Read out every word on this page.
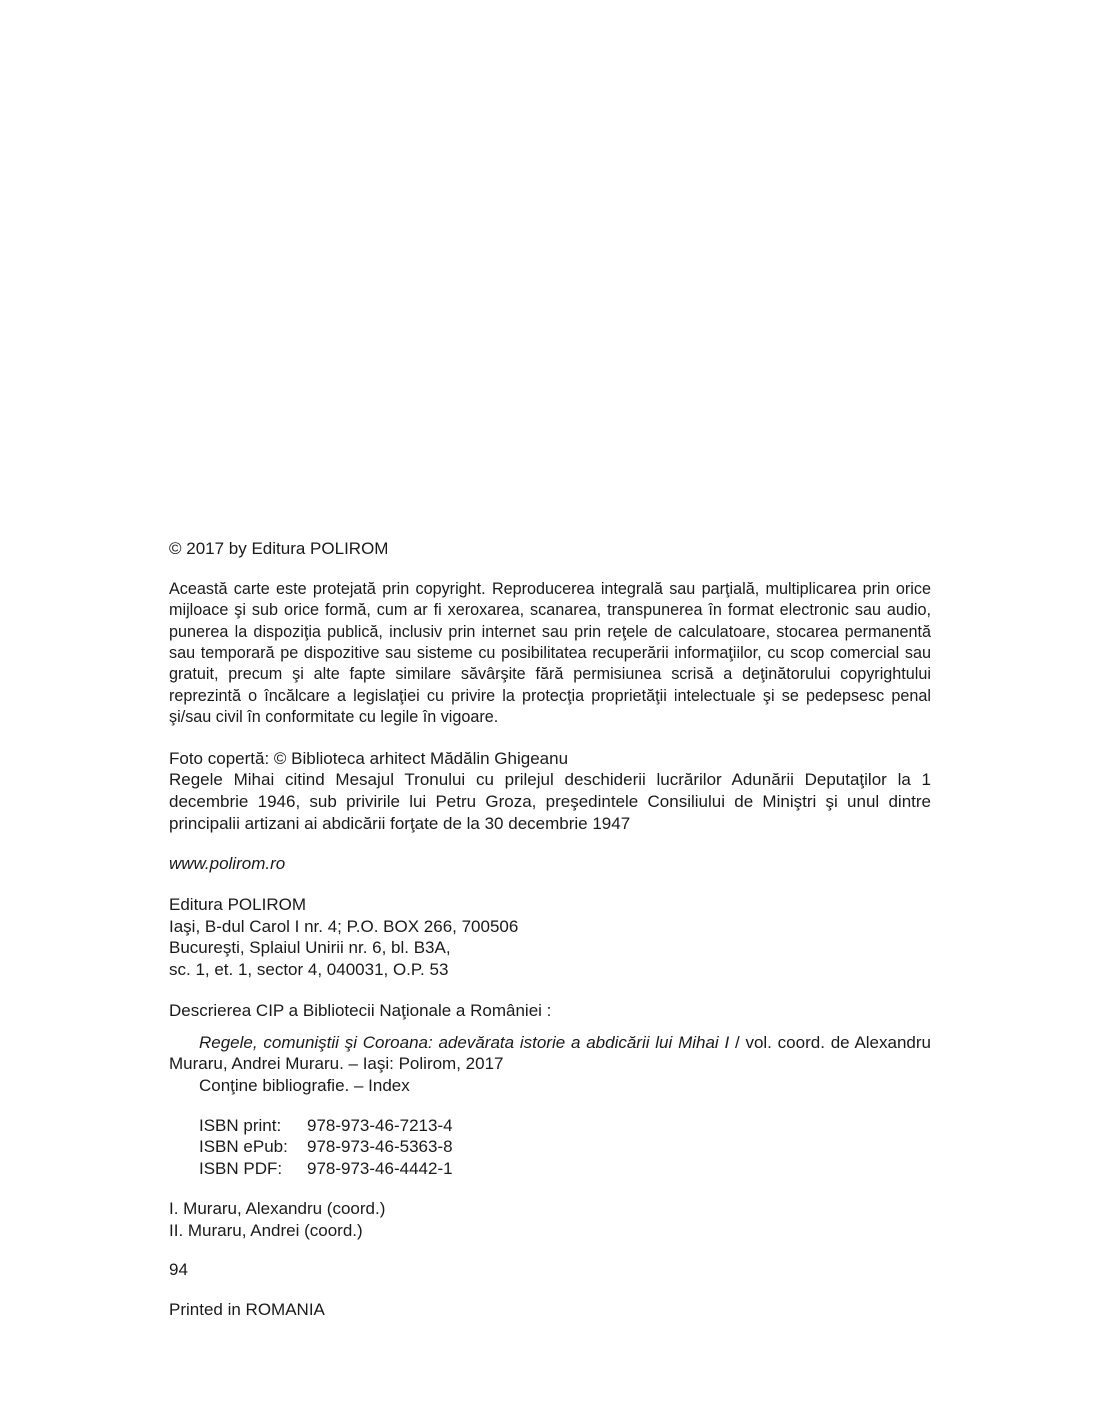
© 2017 by Editura POLIROM

Această carte este protejată prin copyright. Reproducerea integrală sau parţială, multiplicarea prin orice mijloace şi sub orice formă, cum ar fi xeroxarea, scanarea, transpunerea în format electronic sau audio, punerea la dispoziţia publică, inclusiv prin internet sau prin reţele de calculatoare, stocarea permanentă sau temporară pe dispozitive sau sisteme cu posibilitatea recuperării informaţiilor, cu scop comercial sau gratuit, precum şi alte fapte similare săvârşite fără permisiunea scrisă a deţinătorului copyrightului reprezintă o încălcare a legislaţiei cu privire la protecţia proprietăţii intelectuale şi se pedepsesc penal şi/sau civil în conformitate cu legile în vigoare.

Foto copertă: © Biblioteca arhitect Mădălin Ghigeanu

Regele Mihai citind Mesajul Tronului cu prilejul deschiderii lucrărilor Adunării Deputaţilor la 1 decembrie 1946, sub privirile lui Petru Groza, preşedintele Consiliului de Miniştri şi unul dintre principalii artizani ai abdicării forţate de la 30 decembrie 1947

www.polirom.ro

Editura POLIROM

Iaşi, B-dul Carol I nr. 4; P.O. BOX 266, 700506

Bucureşti, Splaiul Unirii nr. 6, bl. B3A,

sc. 1, et. 1, sector 4, 040031, O.P. 53

Descrierea CIP a Bibliotecii Naţionale a României :

Regele, comuniştii şi Coroana: adevărata istorie a abdicării lui Mihai I / vol. coord. de Alexandru Muraru, Andrei Muraru. – Iaşi: Polirom, 2017

Conţine bibliografie. – Index

ISBN print:	978-973-46-7213-4
ISBN ePub:	978-973-46-5363-8
ISBN PDF:	978-973-46-4442-1

I. Muraru, Alexandru (coord.)

II. Muraru, Andrei (coord.)

94

Printed in ROMANIA
